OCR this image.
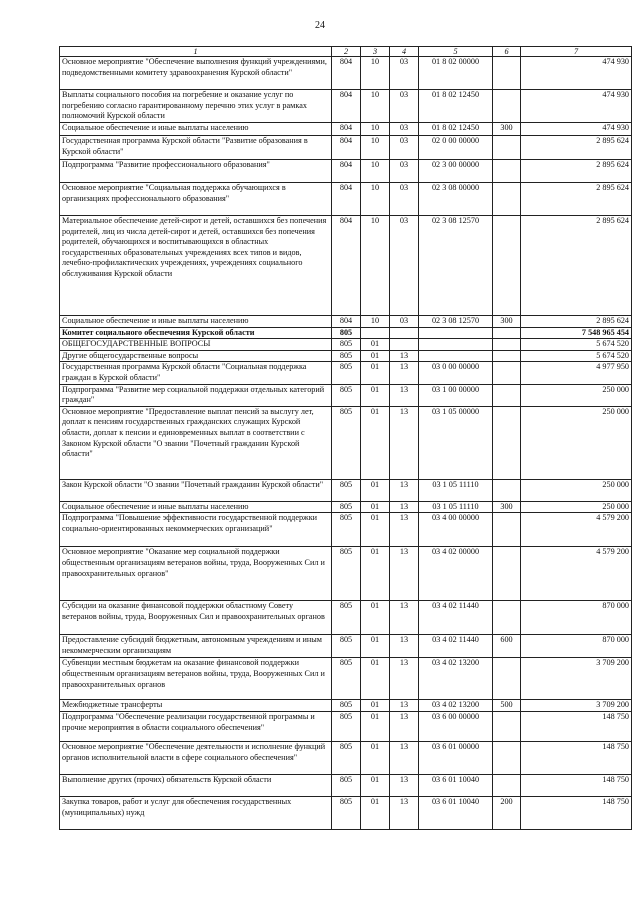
24
1	2	3	4	5	6	7
Основное мероприятие "Обеспечение выполнения функций учреждениями, подведомственными комитету здравоохранения Курской области"	804	10	03	01 8 02 00000		474 930
Выплаты социального пособия на погребение и оказание услуг по погребению согласно гарантированному перечню этих услуг в рамках полномочий Курской области	804	10	03	01 8 02 12450		474 930
Социальное обеспечение и иные выплаты населению	804	10	03	01 8 02 12450	300	474 930
Государственная программа Курской области "Развитие образования в Курской области"	804	10	03	02 0 00 00000		2 895 624
Подпрограмма "Развитие профессионального образования"	804	10	03	02 3 00 00000		2 895 624
Основное мероприятие "Социальная поддержка обучающихся в организациях профессионального образования"	804	10	03	02 3 08 00000		2 895 624
Материальное обеспечение детей-сирот и детей, оставшихся без попечения родителей, лиц из числа детей-сирот и детей, оставшихся без попечения родителей, обучающихся и воспитывающихся в областных государственных образовательных учреждениях всех типов и видов, лечебно-профилактических учреждениях, учреждениях социального обслуживания Курской области	804	10	03	02 3 08 12570		2 895 624
Социальное обеспечение и иные выплаты населению	804	10	03	02 3 08 12570	300	2 895 624
Комитет социального обеспечения Курской области	805					7 548 965 454
ОБЩЕГОСУДАРСТВЕННЫЕ ВОПРОСЫ	805	01				5 674 520
Другие общегосударственные вопросы	805	01	13			5 674 520
Государственная программа Курской области "Социальная поддержка граждан в Курской области"	805	01	13	03 0 00 00000		4 977 950
Подпрограмма "Развитие мер социальной поддержки отдельных категорий граждан"	805	01	13	03 1 00 00000		250 000
Основное мероприятие "Предоставление выплат пенсий за выслугу лет, доплат к пенсиям государственных гражданских служащих Курской области, доплат к пенсии и единовременных выплат в соответствии с Законом Курской области "О звании "Почетный гражданин Курской области"	805	01	13	03 1 05 00000		250 000
Закон Курской области "О звании "Почетный гражданин Курской области"	805	01	13	03 1 05 11110		250 000
Социальное обеспечение и иные выплаты населению	805	01	13	03 1 05 11110	300	250 000
Подпрограмма "Повышение эффективности государственной поддержки социально-ориентированных некоммерческих организаций"	805	01	13	03 4 00 00000		4 579 200
Основное мероприятие "Оказание мер социальной поддержки общественным организациям ветеранов войны, труда, Вооруженных Сил и правоохранительных органов"	805	01	13	03 4 02 00000		4 579 200
Субсидии на оказание финансовой поддержки областному Совету ветеранов войны, труда, Вооруженных Сил и правоохранительных органов	805	01	13	03 4 02 11440		870 000
Предоставление субсидий бюджетным, автономным учреждениям и иным некоммерческим организациям	805	01	13	03 4 02 11440	600	870 000
Субвенции местным бюджетам на оказание финансовой поддержки общественным организациям ветеранов войны, труда, Вооруженных Сил и правоохранительных органов	805	01	13	03 4 02 13200		3 709 200
Межбюджетные трансферты	805	01	13	03 4 02 13200	500	3 709 200
Подпрограмма "Обеспечение реализации государственной программы и прочие мероприятия в области социального обеспечения"	805	01	13	03 6 00 00000		148 750
Основное мероприятие "Обеспечение деятельности и исполнение функций органов исполнительной власти в сфере социального обеспечения"	805	01	13	03 6 01 00000		148 750
Выполнение других (прочих) обязательств Курской области	805	01	13	03 6 01 10040		148 750
Закупка товаров, работ и услуг для обеспечения государственных (муниципальных) нужд	805	01	13	03 6 01 10040	200	148 750
